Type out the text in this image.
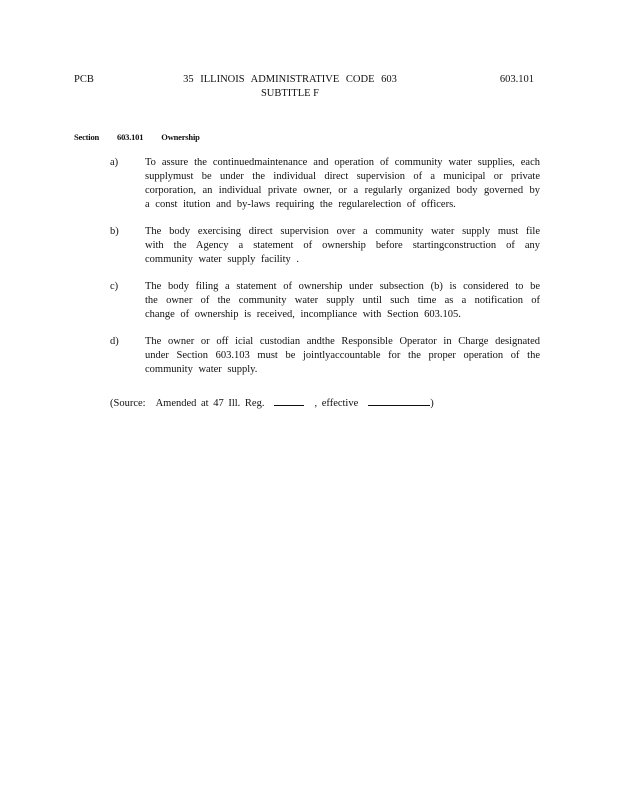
PCB	35 ILLINOIS ADMINISTRATIVE CODE 603
SUBTITLE F
603.101
Section 603.101 Ownership
a)	To assure the continuedmaintenance and operation of community water supplies, each supplymust be under the individual direct supervision of a municipal or private corporation, an individual private owner, or a regularly organized body governed by a const itution and by-laws requiring the regularelection of officers.
b)	The body exercising direct supervision over a community water supply must file with the Agency a statement of ownership before startingconstruction of any community water supply facility .
c)	The body filing a statement of ownership under subsection (b) is considered to be the owner of the community water supply until such time as a notification of change of ownership is received, incompliance with Section 603.105.
d)	The owner or off icial custodian andthe Responsible Operator in Charge designated under Section 603.103 must be jointlyaccountable for the proper operation of the community water supply.
(Source: Amended at 47 Ill. Reg.	, effective	)
